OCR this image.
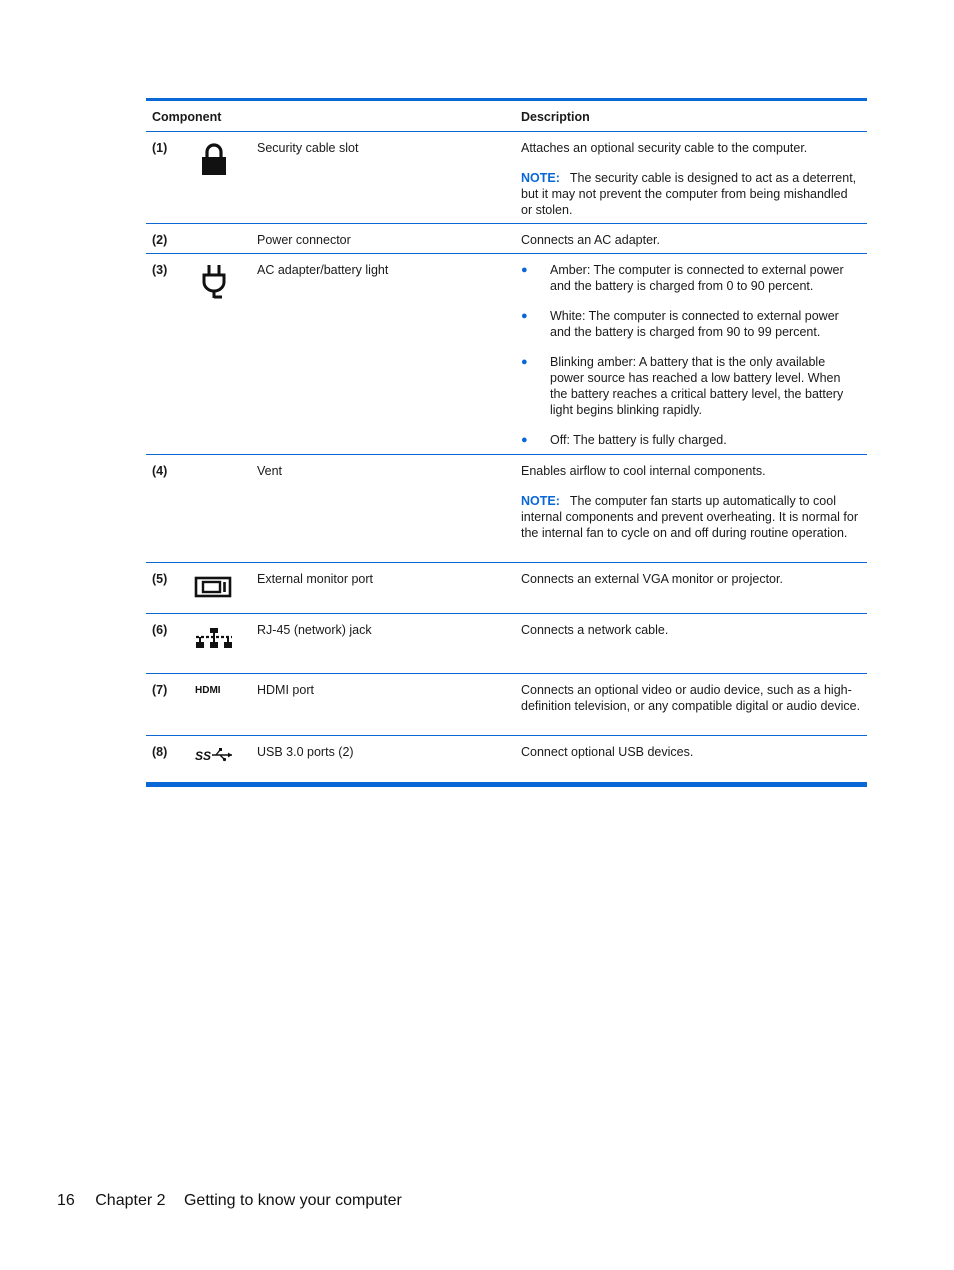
Component	Description
(1)	Security cable slot	Attaches an optional security cable to the computer.

NOTE: The security cable is designed to act as a deterrent, but it may not prevent the computer from being mishandled or stolen.

(2)	Power connector	Connects an AC adapter.

(3)	AC adapter/battery light
●	Amber: The computer is connected to external power and the battery is charged from 0 to 90 percent.
● White: The computer is connected to external power and the battery is charged from 90 to 99 percent.
● Blinking amber: A battery that is the only available power source has reached a low battery level. When the battery reaches a critical battery level, the battery light begins blinking rapidly.
● Off: The battery is fully charged.
(4)	Vent	Enables airflow to cool internal components.

NOTE: The computer fan starts up automatically to cool internal components and prevent overheating. It is normal for the internal fan to cycle on and off during routine operation.

(5)	External monitor port	Connects an external VGA monitor or projector.

(6)	RJ-45 (network) jack	Connects a network cable.

(7)	HDMI	HDMI port	Connects an optional video or audio device, such as a high-definition television, or any compatible digital or audio device.

(8) SS	USB 3.0 ports (2)	Connect optional USB devices.

16 Chapter 2 Getting to know your computer
